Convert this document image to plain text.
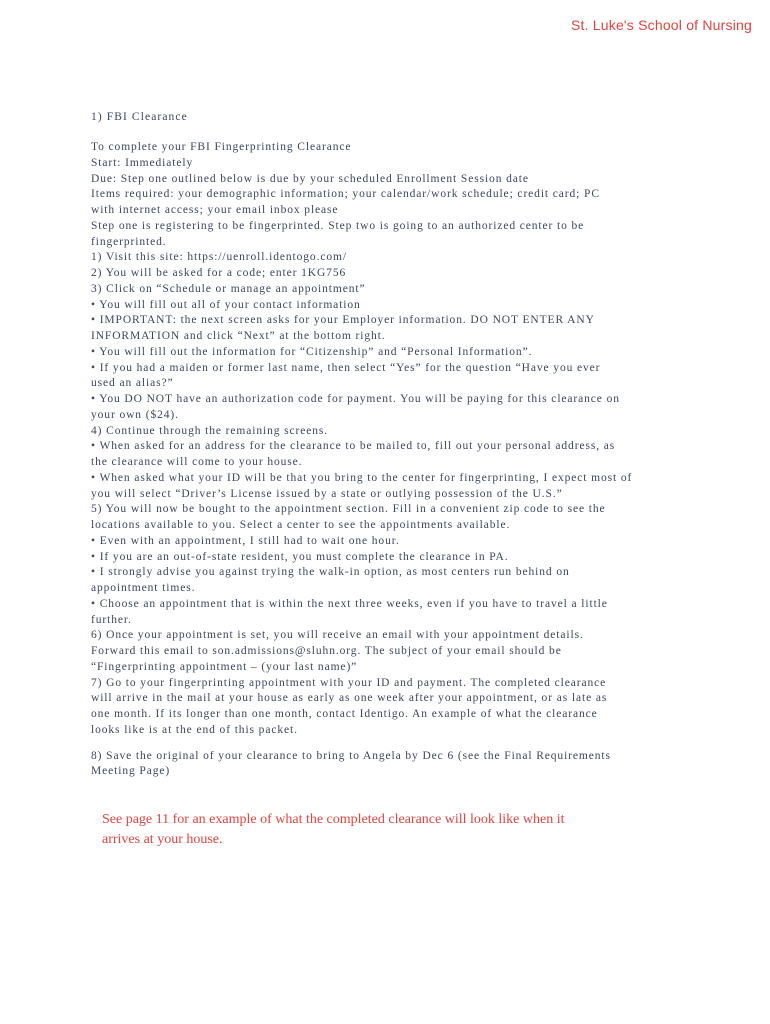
St. Luke's School of Nursing
1) FBI Clearance
To complete your FBI Fingerprinting Clearance
Start: Immediately
Due: Step one outlined below is due by your scheduled Enrollment Session date
Items required: your demographic information; your calendar/work schedule; credit card; PC
with internet access; your email inbox please
Step one is registering to be fingerprinted. Step two is going to an authorized center to be
fingerprinted.
1) Visit this site: https://uenroll.identogo.com/
2) You will be asked for a code; enter 1KG756
3) Click on “Schedule or manage an appointment”
• You will fill out all of your contact information
• IMPORTANT: the next screen asks for your Employer information. DO NOT ENTER ANY
INFORMATION and click “Next” at the bottom right.
• You will fill out the information for “Citizenship” and “Personal Information”.
• If you had a maiden or former last name, then select “Yes” for the question “Have you ever
used an alias?”
• You DO NOT have an authorization code for payment. You will be paying for this clearance on
your own ($24).
4) Continue through the remaining screens.
• When asked for an address for the clearance to be mailed to, fill out your personal address, as
the clearance will come to your house.
• When asked what your ID will be that you bring to the center for fingerprinting, I expect most of
you will select “Driver’s License issued by a state or outlying possession of the U.S.”
5) You will now be bought to the appointment section. Fill in a convenient zip code to see the
locations available to you. Select a center to see the appointments available.
• Even with an appointment, I still had to wait one hour.
• If you are an out-of-state resident, you must complete the clearance in PA.
• I strongly advise you against trying the walk-in option, as most centers run behind on
appointment times.
• Choose an appointment that is within the next three weeks, even if you have to travel a little
further.
6) Once your appointment is set, you will receive an email with your appointment details.
Forward this email to son.admissions@sluhn.org. The subject of your email should be
“Fingerprinting appointment – (your last name)”
7) Go to your fingerprinting appointment with your ID and payment. The completed clearance
will arrive in the mail at your house as early as one week after your appointment, or as late as
one month. If its longer than one month, contact Identigo. An example of what the clearance
looks like is at the end of this packet.
8) Save the original of your clearance to bring to Angela by Dec 6 (see the Final Requirements
Meeting Page)
See page 11 for an example of what the completed clearance will look like when it
arrives at your house.
